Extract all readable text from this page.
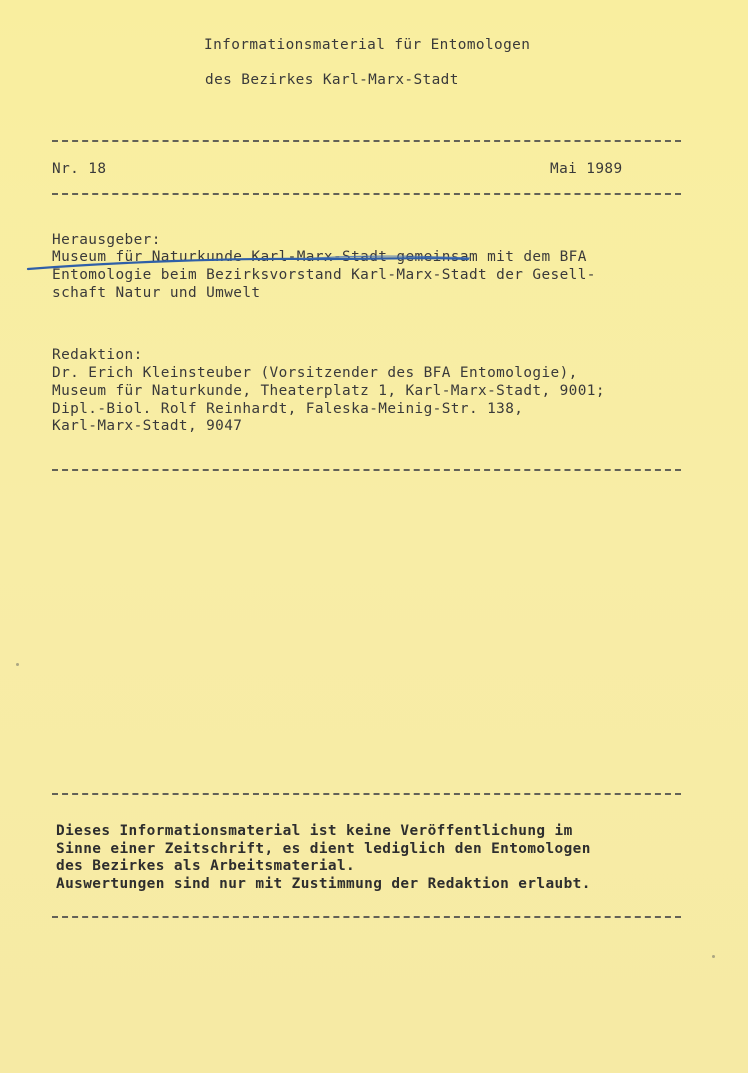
Informationsmaterial für Entomologen
des Bezirkes Karl-Marx-Stadt
Nr. 18	Mai 1989
Herausgeber:
Museum für Naturkunde Karl-Marx-Stadt gemeinsam mit dem BFA
Entomologie beim Bezirksvorstand Karl-Marx-Stadt der Gesell-
schaft Natur und Umwelt
Redaktion:
Dr. Erich Kleinsteuber (Vorsitzender des BFA Entomologie),
Museum für Naturkunde, Theaterplatz 1, Karl-Marx-Stadt, 9001;
Dipl.-Biol. Rolf Reinhardt, Faleska-Meinig-Str. 138,
Karl-Marx-Stadt, 9047
Dieses Informationsmaterial ist keine Veröffentlichung im
Sinne einer Zeitschrift, es dient lediglich den Entomologen
des Bezirkes als Arbeitsmaterial.
Auswertungen sind nur mit Zustimmung der Redaktion erlaubt.
